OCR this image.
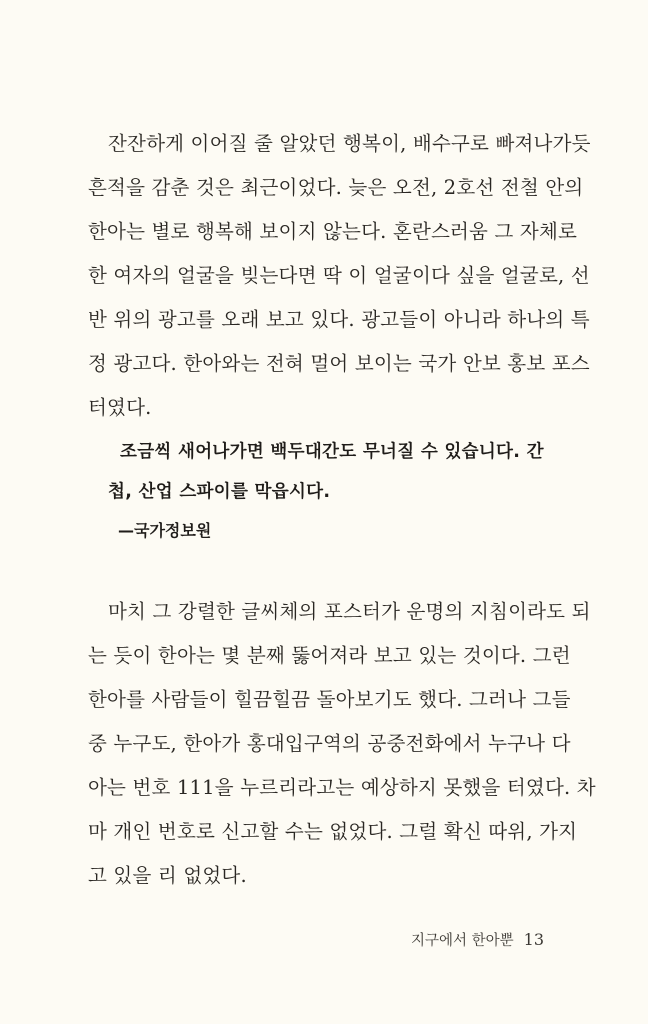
잔잔하게 이어질 줄 알았던 행복이, 배수구로 빠져나가듯
흔적을 감춘 것은 최근이었다. 늦은 오전, 2호선 전철 안의
한아는 별로 행복해 보이지 않는다. 혼란스러움 그 자체로
한 여자의 얼굴을 빚는다면 딱 이 얼굴이다 싶을 얼굴로, 선
반 위의 광고를 오래 보고 있다. 광고들이 아니라 하나의 특
정 광고다. 한아와는 전혀 멀어 보이는 국가 안보 홍보 포스
터였다.
조금씩 새어나가면 백두대간도 무너질 수 있습니다. 간
첩, 산업 스파이를 막읍시다.
—국가정보원
마치 그 강렬한 글씨체의 포스터가 운명의 지침이라도 되
는 듯이 한아는 몇 분째 뚫어져라 보고 있는 것이다. 그런
한아를 사람들이 힐끔힐끔 돌아보기도 했다. 그러나 그들
중 누구도, 한아가 홍대입구역의 공중전화에서 누구나 다
아는 번호 111을 누르리라고는 예상하지 못했을 터였다. 차
마 개인 번호로 신고할 수는 없었다. 그럴 확신 따위, 가지
고 있을 리 없었다.
지구에서 한아뿐 13
